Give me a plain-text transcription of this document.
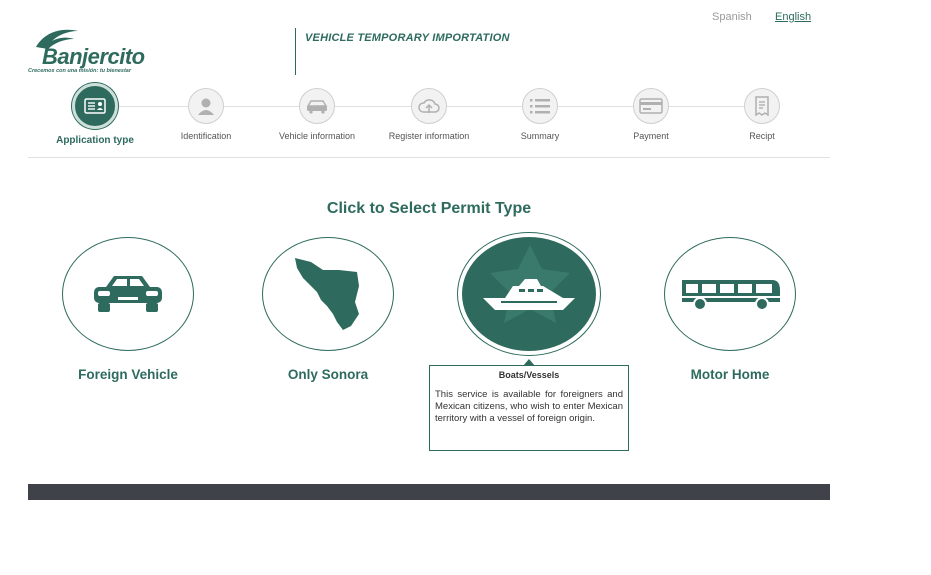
Spanish English
Banjercito
Crecemos con una misión: tu bienestar
VEHICLE TEMPORARY IMPORTATION
Application type	Identification	Vehicle information	Register information	Summary	Payment	Recipt
Click to Select Permit Type
Foreign Vehicle	Only Sonora	Boats/Vessels
This service is available for foreigners and Mexican citizens, who wish to enter Mexican territory with a vessel of foreign origin.
Motor Home
